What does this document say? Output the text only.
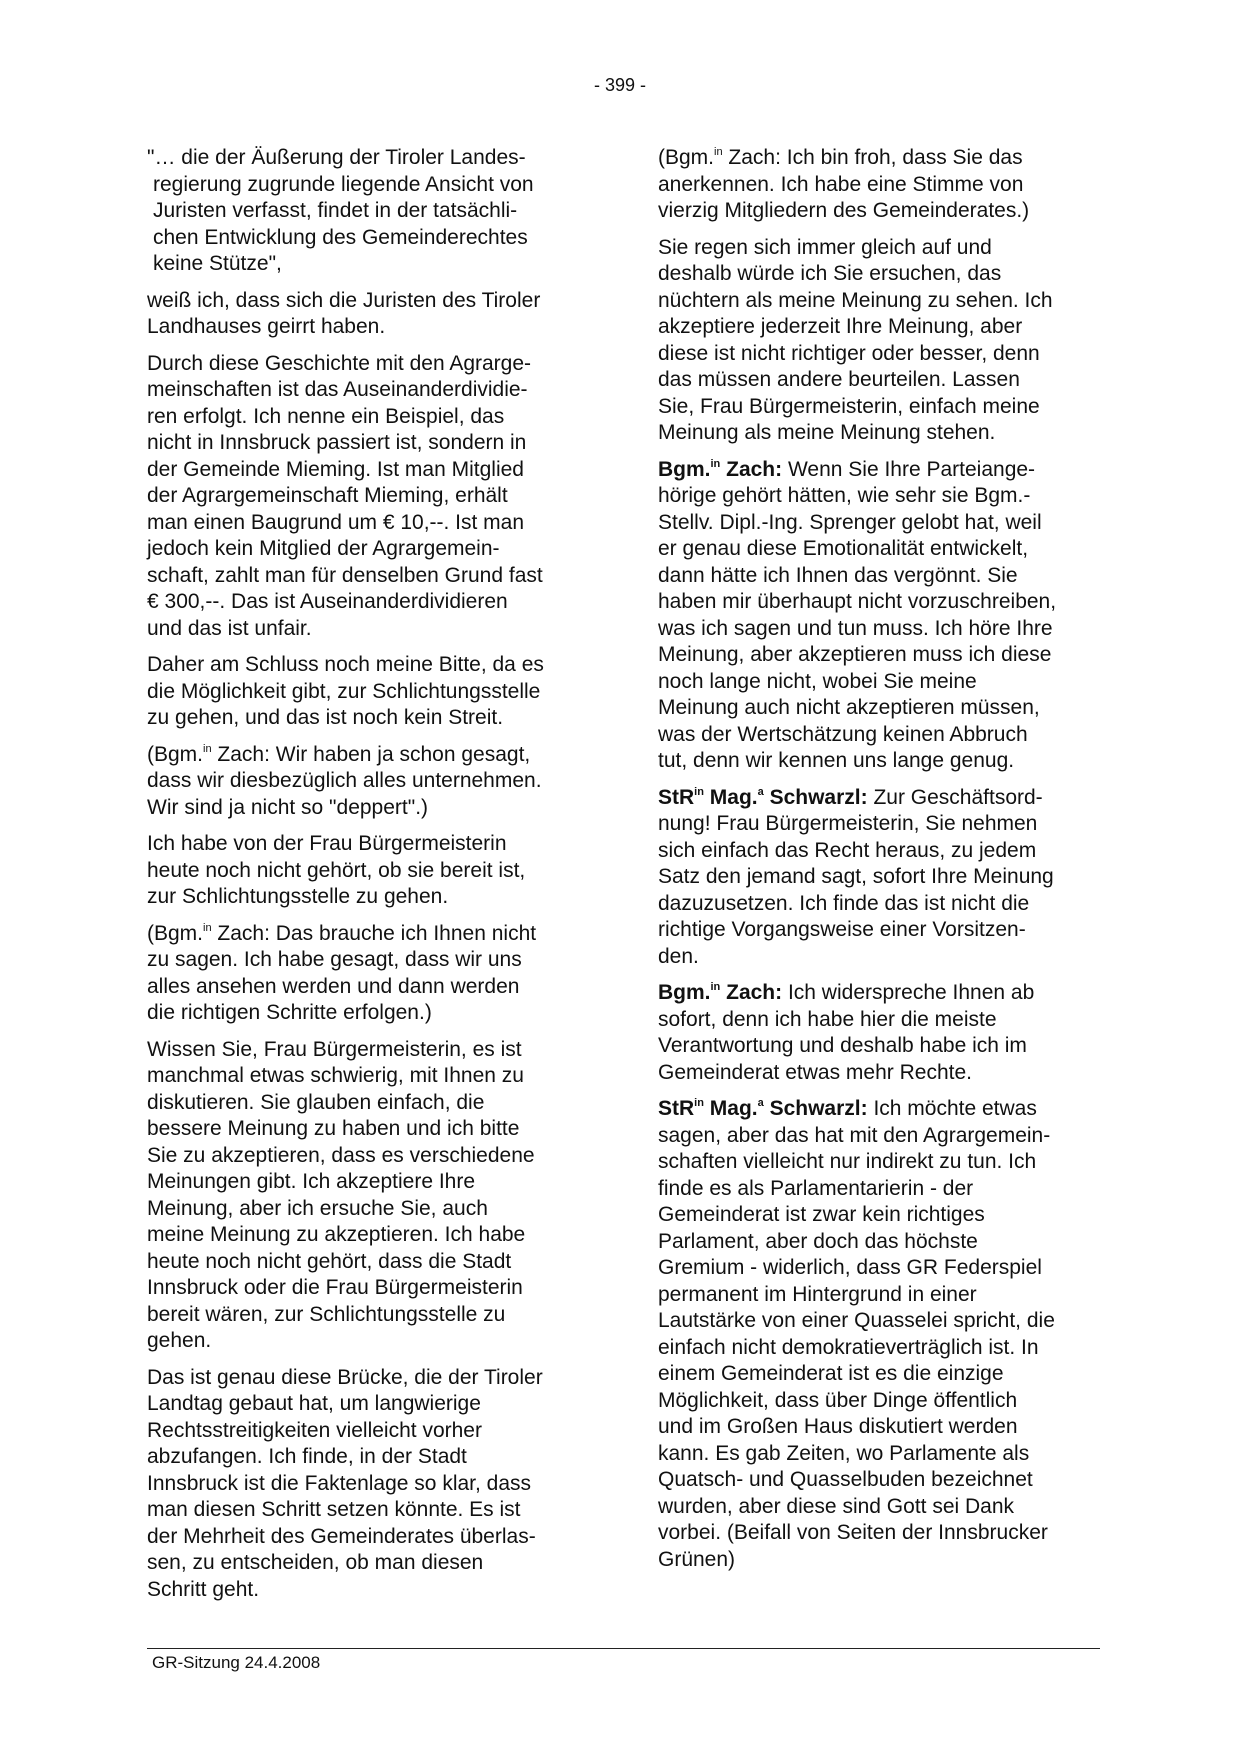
- 399 -

"… die der Äußerung der Tiroler Landes-
regierung zugrunde liegende Ansicht von
Juristen verfasst, findet in der tatsächli-
chen Entwicklung des Gemeinderechtes
keine Stütze",

weiß ich, dass sich die Juristen des Tiroler
Landhauses geirrt haben.

Durch diese Geschichte mit den Agrarge-
meinschaften ist das Auseinanderdividie-
ren erfolgt. Ich nenne ein Beispiel, das
nicht in Innsbruck passiert ist, sondern in
der Gemeinde Mieming. Ist man Mitglied
der Agrargemeinschaft Mieming, erhält
man einen Baugrund um € 10,--. Ist man
jedoch kein Mitglied der Agrargemein-
schaft, zahlt man für denselben Grund fast
€ 300,--. Das ist Auseinanderdividieren
und das ist unfair.

Daher am Schluss noch meine Bitte, da es
die Möglichkeit gibt, zur Schlichtungsstelle
zu gehen, und das ist noch kein Streit.

(Bgm.$^{in}$ Zach: Wir haben ja schon gesagt,
dass wir diesbezüglich alles unternehmen.
Wir sind ja nicht so "deppert".)

Ich habe von der Frau Bürgermeisterin
heute noch nicht gehört, ob sie bereit ist,
zur Schlichtungsstelle zu gehen.

(Bgm.$^{in}$ Zach: Das brauche ich Ihnen nicht
zu sagen. Ich habe gesagt, dass wir uns
alles ansehen werden und dann werden
die richtigen Schritte erfolgen.)

Wissen Sie, Frau Bürgermeisterin, es ist
manchmal etwas schwierig, mit Ihnen zu
diskutieren. Sie glauben einfach, die
bessere Meinung zu haben und ich bitte
Sie zu akzeptieren, dass es verschiedene
Meinungen gibt. Ich akzeptiere Ihre
Meinung, aber ich ersuche Sie, auch
meine Meinung zu akzeptieren. Ich habe
heute noch nicht gehört, dass die Stadt
Innsbruck oder die Frau Bürgermeisterin
bereit wären, zur Schlichtungsstelle zu
gehen.

Das ist genau diese Brücke, die der Tiroler
Landtag gebaut hat, um langwierige
Rechtsstreitigkeiten vielleicht vorher
abzufangen. Ich finde, in der Stadt
Innsbruck ist die Faktenlage so klar, dass
man diesen Schritt setzen könnte. Es ist
der Mehrheit des Gemeinderates überlas-
sen, zu entscheiden, ob man diesen
Schritt geht.

(Bgm.$^{in}$ Zach: Ich bin froh, dass Sie das
anerkennen. Ich habe eine Stimme von
vierzig Mitgliedern des Gemeinderates.)

Sie regen sich immer gleich auf und
deshalb würde ich Sie ersuchen, das
nüchtern als meine Meinung zu sehen. Ich
akzeptiere jederzeit Ihre Meinung, aber
diese ist nicht richtiger oder besser, denn
das müssen andere beurteilen. Lassen
Sie, Frau Bürgermeisterin, einfach meine
Meinung als meine Meinung stehen.

Bgm.$^{in}$ Zach: Wenn Sie Ihre Parteiange-
hörige gehört hätten, wie sehr sie Bgm.-
Stellv. Dipl.-Ing. Sprenger gelobt hat, weil
er genau diese Emotionalität entwickelt,
dann hätte ich Ihnen das vergönnt. Sie
haben mir überhaupt nicht vorzuschreiben,
was ich sagen und tun muss. Ich höre Ihre
Meinung, aber akzeptieren muss ich diese
noch lange nicht, wobei Sie meine
Meinung auch nicht akzeptieren müssen,
was der Wertschätzung keinen Abbruch
tut, denn wir kennen uns lange genug.

StR$^{in}$ Mag.$^a$ Schwarzl: Zur Geschäftsord-
nung! Frau Bürgermeisterin, Sie nehmen
sich einfach das Recht heraus, zu jedem
Satz den jemand sagt, sofort Ihre Meinung
dazuzusetzen. Ich finde das ist nicht die
richtige Vorgangsweise einer Vorsitzen-
den.

Bgm.$^{in}$ Zach: Ich widerspreche Ihnen ab
sofort, denn ich habe hier die meiste
Verantwortung und deshalb habe ich im
Gemeinderat etwas mehr Rechte.

StR$^{in}$ Mag.$^a$ Schwarzl: Ich möchte etwas
sagen, aber das hat mit den Agrargemein-
schaften vielleicht nur indirekt zu tun. Ich
finde es als Parlamentarierin - der
Gemeinderat ist zwar kein richtiges
Parlament, aber doch das höchste
Gremium - widerlich, dass GR Federspiel
permanent im Hintergrund in einer
Lautstärke von einer Quasselei spricht, die
einfach nicht demokratieverträglich ist. In
einem Gemeinderat ist es die einzige
Möglichkeit, dass über Dinge öffentlich
und im Großen Haus diskutiert werden
kann. Es gab Zeiten, wo Parlamente als
Quatsch- und Quasselbuden bezeichnet
wurden, aber diese sind Gott sei Dank
vorbei. (Beifall von Seiten der Innsbrucker
Grünen)

GR-Sitzung 24.4.2008
